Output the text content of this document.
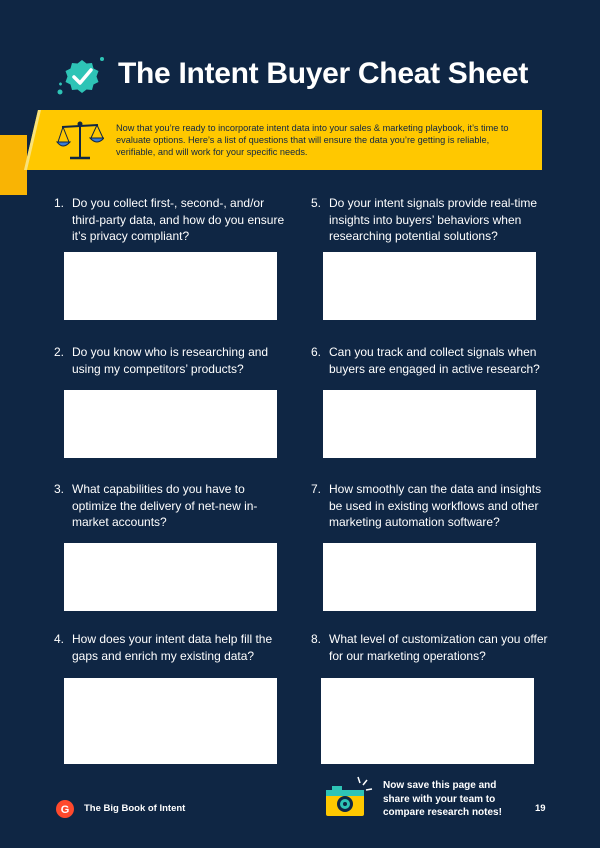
The Intent Buyer Cheat Sheet
Now that you’re ready to incorporate intent data into your sales & marketing playbook, it’s time to evaluate options. Here’s a list of questions that will ensure the data you’re getting is reliable, verifiable, and will work for your specific needs.
1. Do you collect first-, second-, and/or third-party data, and how do you ensure it’s privacy compliant?
2. Do you know who is researching and using my competitors’ products?
3. What capabilities do you have to optimize the delivery of net-new in-market accounts?
4. How does your intent data help fill the gaps and enrich my existing data?
5. Do your intent signals provide real-time insights into buyers’ behaviors when researching potential solutions?
6. Can you track and collect signals when buyers are engaged in active research?
7. How smoothly can the data and insights be used in existing workflows and other marketing automation software?
8. What level of customization can you offer for our marketing operations?
G The Big Book of Intent
Now save this page and share with your team to compare research notes!	19
